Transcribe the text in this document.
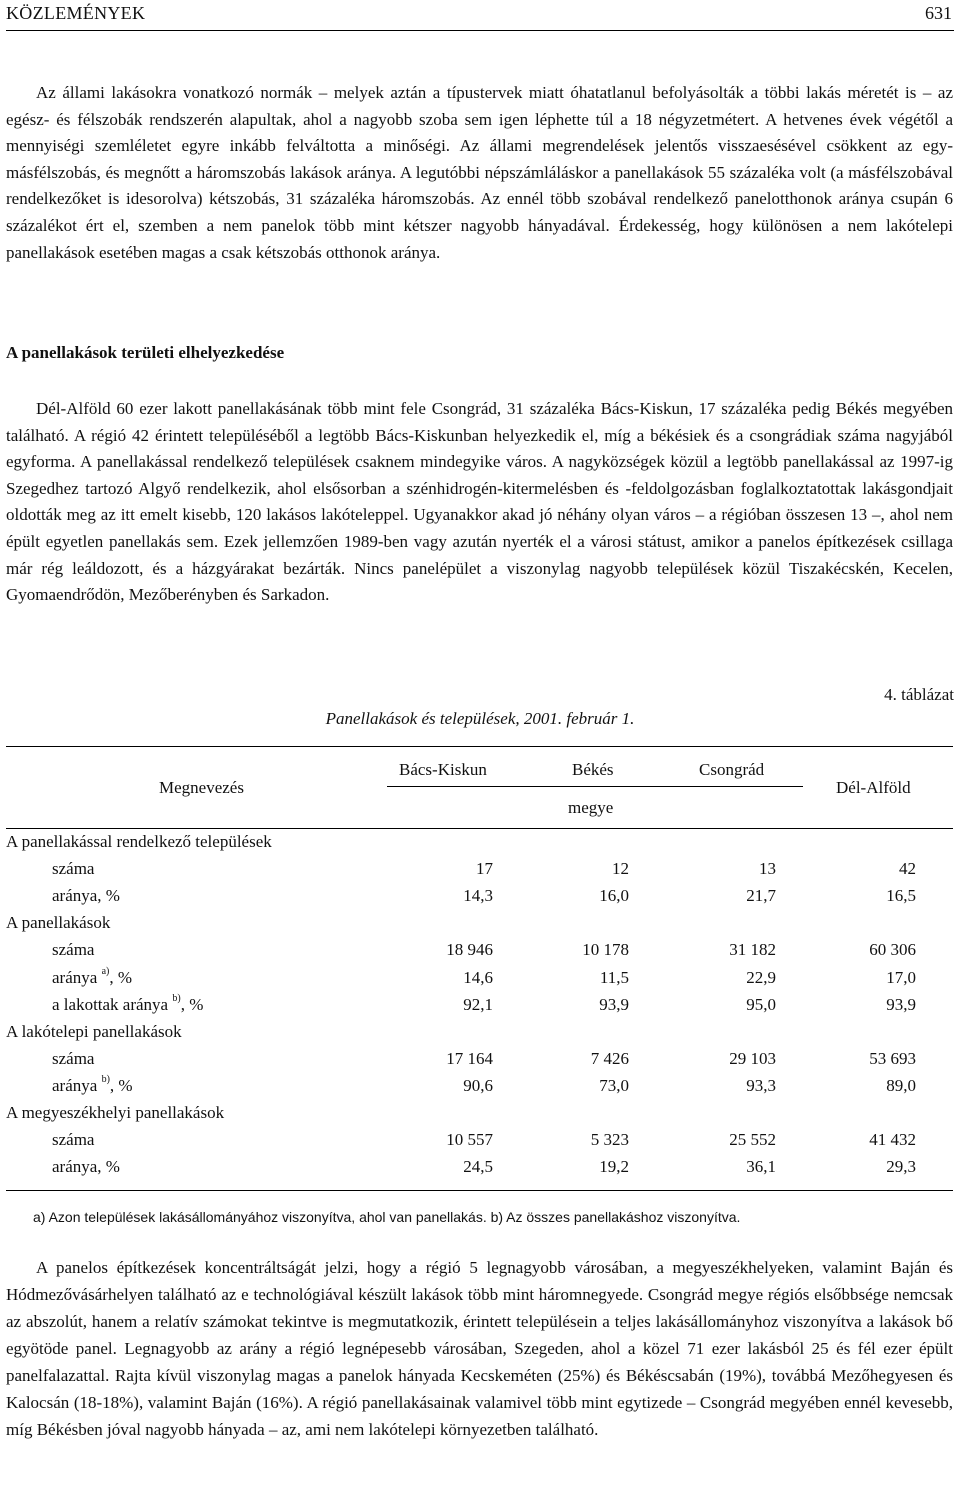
KÖZLEMÉNYEK	631

Az állami lakásokra vonatkozó normák – melyek aztán a típustervek miatt óhatatlanul befolyásolták a többi lakás méretét is – az egész- és félszobák rendszerén alapultak, ahol a nagyobb szoba sem igen léphette túl a 18 négyzetmétert. A hetvenes évek végétől a mennyiségi szemléletet egyre inkább felváltotta a minőségi. Az állami megrendelések jelentős visszaesésével csökkent az egy-másfélszobás, és megnőtt a háromszobás lakások aránya. A legutóbbi népszámláláskor a panellakások 55 százaléka volt (a másfélszobával rendelkezőket is idesorolva) kétszobás, 31 százaléka háromszobás. Az ennél több szobával rendelkező panelotthonok aránya csupán 6 százalékot ért el, szemben a nem panelok több mint kétszer nagyobb hányadával. Érdekesség, hogy különösen a nem lakótelepi panellakások esetében magas a csak kétszobás otthonok aránya.

A panellakások területi elhelyezkedése

Dél-Alföld 60 ezer lakott panellakásának több mint fele Csongrád, 31 százaléka Bács-Kiskun, 17 százaléka pedig Békés megyében található. A régió 42 érintett településéből a legtöbb Bács-Kiskunban helyezkedik el, míg a békésiek és a csongrádiak száma nagyjából egyforma. A panellakással rendelkező települések csaknem mindegyike város. A nagyközségek közül a legtöbb panellakással az 1997-ig Szegedhez tartozó Algyő rendelkezik, ahol elsősorban a szénhidrogén-kitermelésben és -feldolgozásban foglalkoztatottak lakásgondjait oldották meg az itt emelt kisebb, 120 lakásos lakóteleppel. Ugyanakkor akad jó néhány olyan város – a régióban összesen 13 –, ahol nem épült egyetlen panellakás sem. Ezek jellemzően 1989-ben vagy azután nyerték el a városi státust, amikor a panelos építkezések csillaga már rég leáldozott, és a házgyárakat bezárták. Nincs panelépület a viszonylag nagyobb települések közül Tiszakécskén, Kecelen, Gyomaendrődön, Mezőberényben és Sarkadon.

4. táblázat
Panellakások és települések, 2001. február 1.
Megnevezés
Bács-Kiskun	Békés	Csongrád
megye
Dél-Alföld
A panellakással rendelkező települések
száma	17	12	13	42
aránya, %	14,3	16,0	21,7	16,5
A panellakások
száma	18 946	10 178	31 182	60 306
aránya $^{a)}$, %	14,6	11,5	22,9	17,0
a lakottak aránya $^{b)}$, %	92,1	93,9	95,0	93,9
A lakótelepi panellakások
száma	17 164	7 426	29 103	53 693
aránya $^{b)}$, %	90,6	73,0	93,3	89,0
A megyeszékhelyi panellakások
száma	10 557	5 323	25 552	41 432
aránya, %	24,5	19,2	36,1	29,3
a) Azon települések lakásállományához viszonyítva, ahol van panellakás. b) Az összes panellakáshoz viszonyítva.

A panelos építkezések koncentráltságát jelzi, hogy a régió 5 legnagyobb városában, a megyeszékhelyeken, valamint Baján és Hódmezővásárhelyen található az e technológiával készült lakások több mint háromnegyede. Csongrád megye régiós elsőbbsége nemcsak az abszolút, hanem a relatív számokat tekintve is megmutatkozik, érintett településein a teljes lakásállományhoz viszonyítva a lakások bő egyötöde panel. Legnagyobb az arány a régió legnépesebb városában, Szegeden, ahol a közel 71 ezer lakásból 25 és fél ezer épült panelfalazattal. Rajta kívül viszonylag magas a panelok hányada Kecskeméten (25%) és Békéscsabán (19%), továbbá Mezőhegyesen és Kalocsán (18-18%), valamint Baján (16%). A régió panellakásainak valamivel több mint egytizede – Csongrád megyében ennél kevesebb, míg Békésben jóval nagyobb hányada – az, ami nem lakótelepi környezetben található.
